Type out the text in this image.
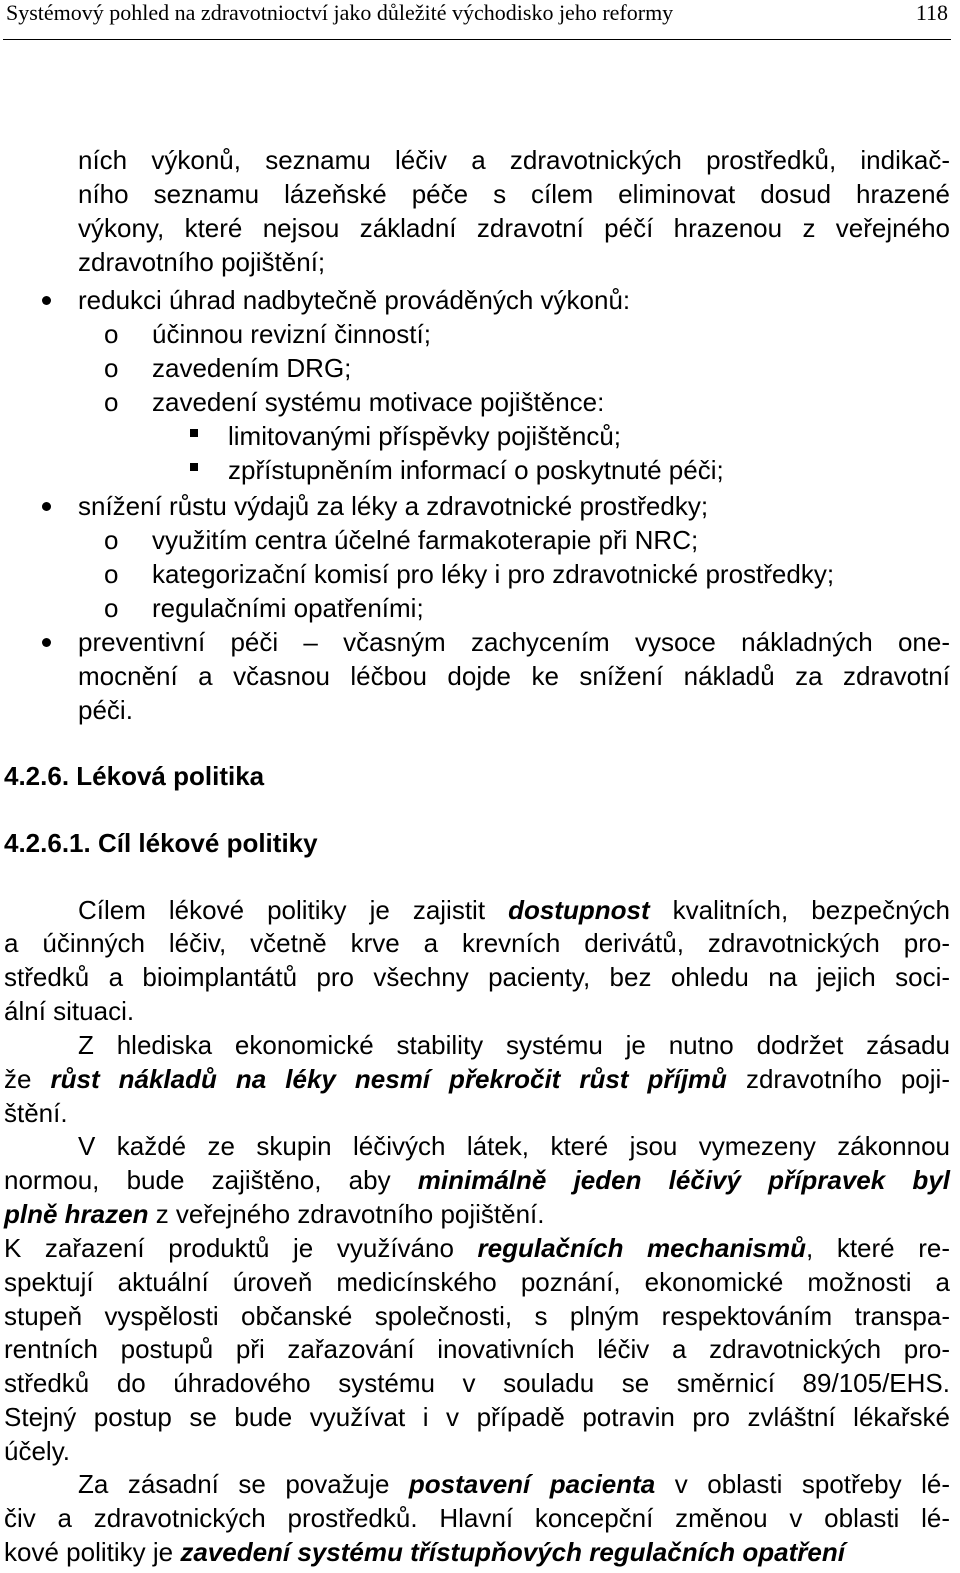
Systémový pohled na zdravotnioctví jako důležité východisko jeho reformy	118
ních výkonů, seznamu léčiv a zdravotnických prostředků, indikač-
ního seznamu lázeňské péče s cílem eliminovat dosud hrazené
výkony, které nejsou základní zdravotní péčí hrazenou z veřejného
zdravotního pojištění;
redukci úhrad nadbytečně prováděných výkonů:
o účinnou revizní činností;
o zavedením DRG;
o zavedení systému motivace pojištěnce:
limitovanými příspěvky pojištěnců;
zpřístupněním informací o poskytnuté péči;
snížení růstu výdajů za léky a zdravotnické prostředky;
o využitím centra účelné farmakoterapie při NRC;
o kategorizační komisí pro léky i pro zdravotnické prostředky;
o regulačními opatřeními;
preventivní péči – včasným zachycením vysoce nákladných one-
mocnění a včasnou léčbou dojde ke snížení nákladů za zdravotní
péči.
4.2.6. Léková politika
4.2.6.1. Cíl lékové politiky
Cílem lékové politiky je zajistit dostupnost kvalitních, bezpečných
a účinných léčiv, včetně krve a krevních derivátů, zdravotnických pro-
středků a bioimplantátů pro všechny pacienty, bez ohledu na jejich soci-
ální situaci.
Z hlediska ekonomické stability systému je nutno dodržet zásadu
že růst nákladů na léky nesmí překročit růst příjmů zdravotního poji-
štění.
V každé ze skupin léčivých látek, které jsou vymezeny zákonnou
normou, bude zajištěno, aby minimálně jeden léčivý přípravek byl
plně hrazen z veřejného zdravotního pojištění.
K zařazení produktů je využíváno regulačních mechanismů, které re-
spektují aktuální úroveň medicínského poznání, ekonomické možnosti a
stupeň vyspělosti občanské společnosti, s plným respektováním transpa-
rentních postupů při zařazování inovativních léčiv a zdravotnických pro-
středků do úhradového systému v souladu se směrnicí 89/105/EHS.
Stejný postup se bude využívat i v případě potravin pro zvláštní lékařské
účely.
Za zásadní se považuje postavení pacienta v oblasti spotřeby lé-
čiv a zdravotnických prostředků. Hlavní koncepční změnou v oblasti lé-
kové politiky je zavedení systému třístupňových regulačních opatření
